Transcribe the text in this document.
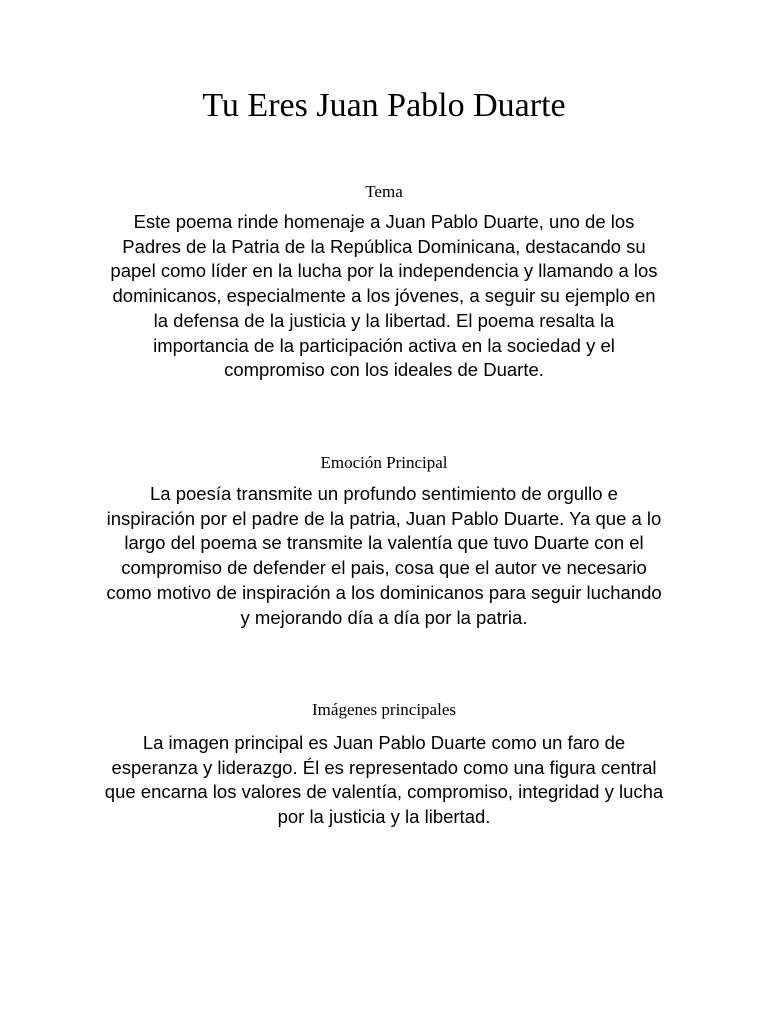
Tu Eres Juan Pablo Duarte
Tema

Este poema rinde homenaje a Juan Pablo Duarte, uno de los Padres de la Patria de la República Dominicana, destacando su papel como líder en la lucha por la independencia y llamando a los dominicanos, especialmente a los jóvenes, a seguir su ejemplo en la defensa de la justicia y la libertad. El poema resalta la importancia de la participación activa en la sociedad y el compromiso con los ideales de Duarte.

Emoción Principal

La poesía transmite un profundo sentimiento de orgullo e inspiración por el padre de la patria, Juan Pablo Duarte. Ya que a lo largo del poema se transmite la valentía que tuvo Duarte con el compromiso de defender el pais, cosa que el autor ve necesario como motivo de inspiración a los dominicanos para seguir luchando y mejorando día a día por la patria.

Imágenes principales

La imagen principal es Juan Pablo Duarte como un faro de esperanza y liderazgo. Él es representado como una figura central que encarna los valores de valentía, compromiso, integridad y lucha por la justicia y la libertad.
